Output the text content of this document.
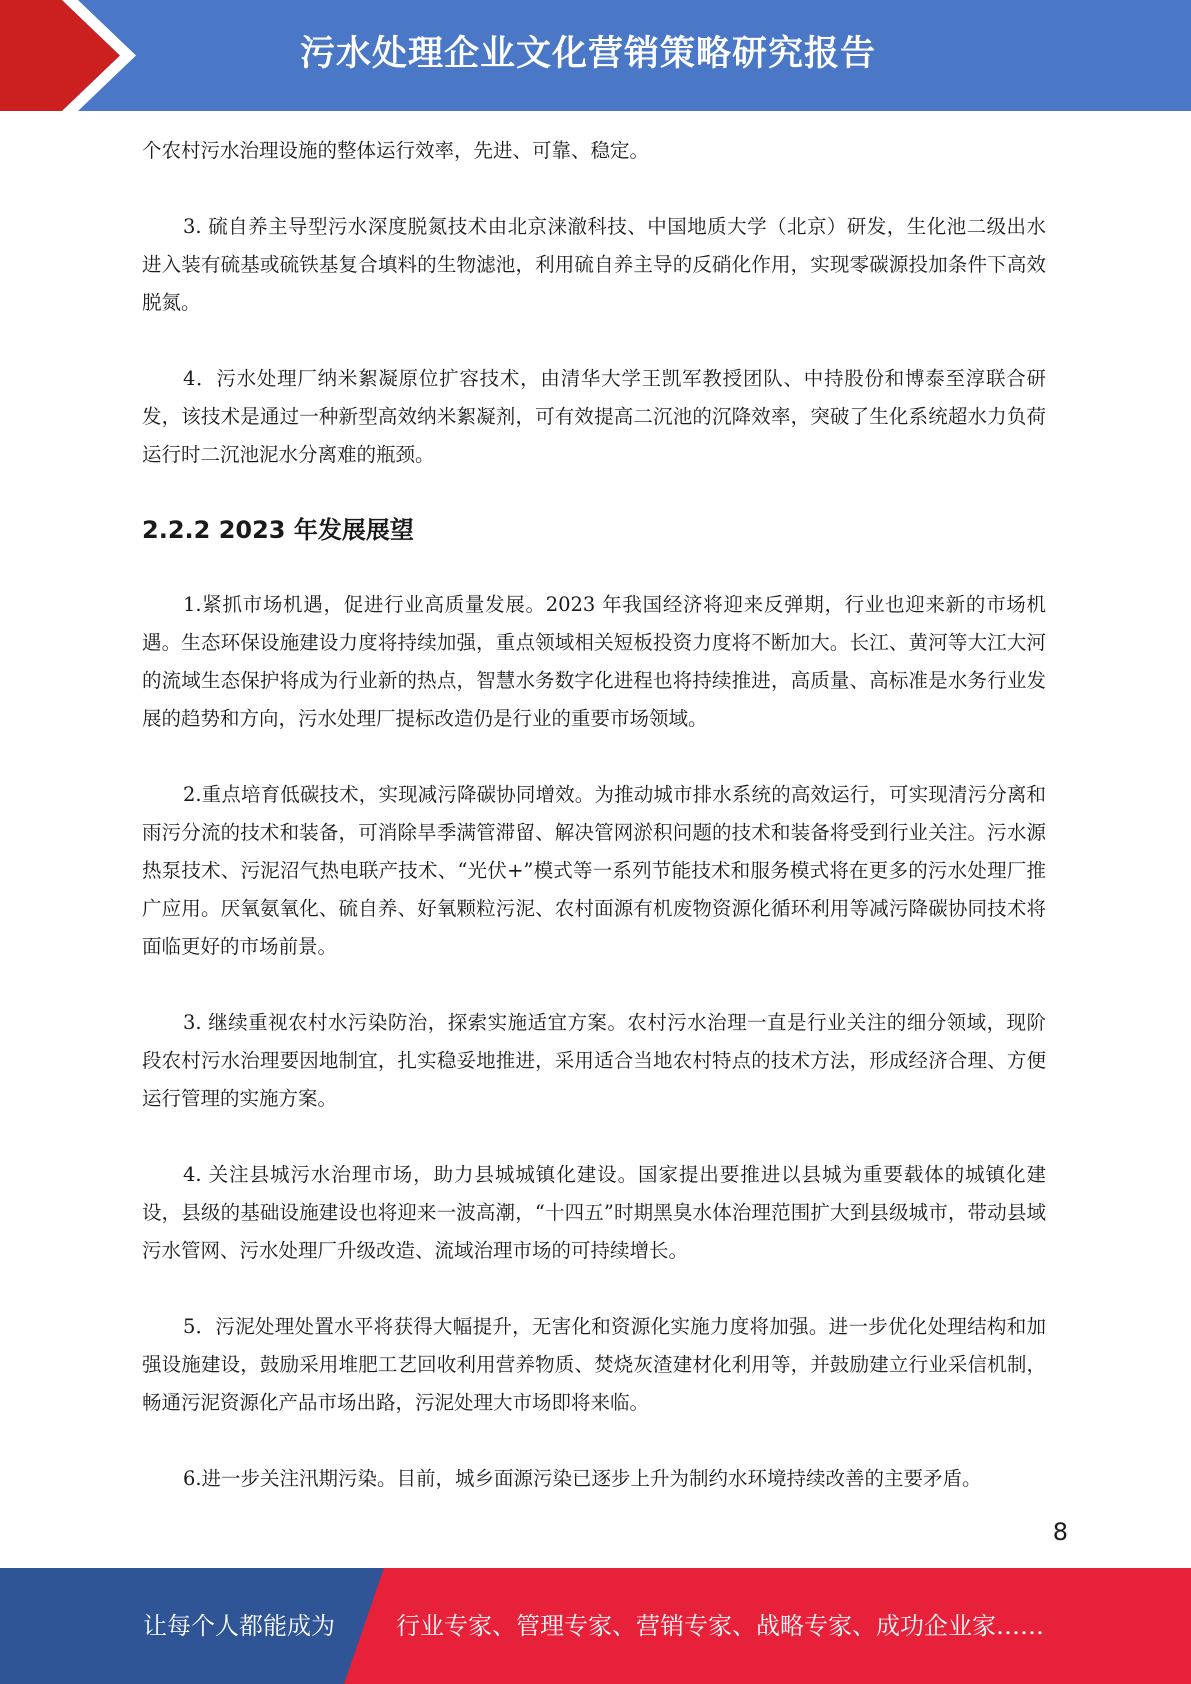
污水处理企业文化营销策略研究报告

个农村污水治理设施的整体运行效率，先进、可靠、稳定。

3. 硫自养主导型污水深度脱氮技术由北京涞澈科技、中国地质大学（北京）研发，生化池二级出水进入装有硫基或硫铁基复合填料的生物滤池，利用硫自养主导的反硝化作用，实现零碳源投加条件下高效脱氮。

4．污水处理厂纳米絮凝原位扩容技术，由清华大学王凯军教授团队、中持股份和博泰至淳联合研发，该技术是通过一种新型高效纳米絮凝剂，可有效提高二沉池的沉降效率，突破了生化系统超水力负荷运行时二沉池泥水分离难的瓶颈。

2.2.2 2023 年发展展望

1.紧抓市场机遇，促进行业高质量发展。2023 年我国经济将迎来反弹期，行业也迎来新的市场机遇。生态环保设施建设力度将持续加强，重点领域相关短板投资力度将不断加大。长江、黄河等大江大河的流域生态保护将成为行业新的热点，智慧水务数字化进程也将持续推进，高质量、高标准是水务行业发展的趋势和方向，污水处理厂提标改造仍是行业的重要市场领域。

2.重点培育低碳技术，实现减污降碳协同增效。为推动城市排水系统的高效运行，可实现清污分离和雨污分流的技术和装备，可消除旱季满管滞留、解决管网淤积问题的技术和装备将受到行业关注。污水源热泵技术、污泥沼气热电联产技术、“光伏+”模式等一系列节能技术和服务模式将在更多的污水处理厂推广应用。厌氧氨氧化、硫自养、好氧颗粒污泥、农村面源有机废物资源化循环利用等减污降碳协同技术将面临更好的市场前景。

3. 继续重视农村水污染防治，探索实施适宜方案。农村污水治理一直是行业关注的细分领域，现阶段农村污水治理要因地制宜，扎实稳妥地推进，采用适合当地农村特点的技术方法，形成经济合理、方便运行管理的实施方案。

4. 关注县城污水治理市场，助力县城城镇化建设。国家提出要推进以县城为重要载体的城镇化建设，县级的基础设施建设也将迎来一波高潮，“十四五”时期黑臭水体治理范围扩大到县级城市，带动县域污水管网、污水处理厂升级改造、流域治理市场的可持续增长。

5．污泥处理处置水平将获得大幅提升，无害化和资源化实施力度将加强。进一步优化处理结构和加强设施建设，鼓励采用堆肥工艺回收利用营养物质、焚烧灰渣建材化利用等，并鼓励建立行业采信机制，畅通污泥资源化产品市场出路，污泥处理大市场即将来临。

6.进一步关注汛期污染。目前，城乡面源污染已逐步上升为制约水环境持续改善的主要矛盾。

8
让每个人都能成为	行业专家、管理专家、营销专家、战略专家、成功企业家……
